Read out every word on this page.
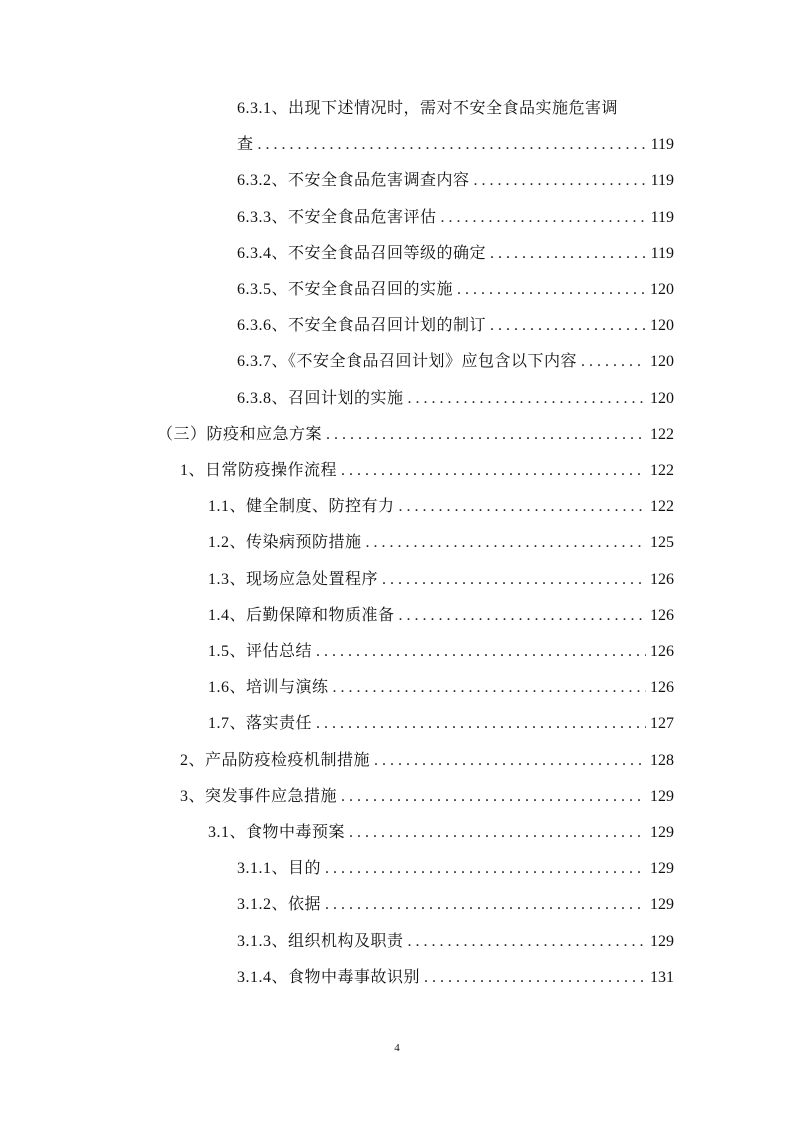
6.3.1、出现下述情况时，需对不安全食品实施危害调
查 . . .	119
6.3.2、不安全食品危害调查内容 . . .	119
6.3.3、不安全食品危害评估 . . .	119
6.3.4、不安全食品召回等级的确定 . . .	119
6.3.5、不安全食品召回的实施 . . .	120
6.3.6、不安全食品召回计划的制订 . . .	120
6.3.7、《不安全食品召回计划》应包含以下内容 . . .	120
6.3.8、召回计划的实施 . . .	120
（三）防疫和应急方案 . . .	122
1、日常防疫操作流程 . . .	122
1.1、健全制度、防控有力 . . .	122
1.2、传染病预防措施 . . .	125
1.3、现场应急处置程序 . . .	126
1.4、后勤保障和物质准备 . . .	126
1.5、评估总结 . . .	126
1.6、培训与演练 . . .	126
1.7、落实责任 . . .	127
2、产品防疫检疫机制措施 . . .	128
3、突发事件应急措施 . . .	129
3.1、食物中毒预案 . . .	129
3.1.1、目的 . . .	129
3.1.2、依据 . . .	129
3.1.3、组织机构及职责 . . .	129
3.1.4、食物中毒事故识别 . . .	131
4
